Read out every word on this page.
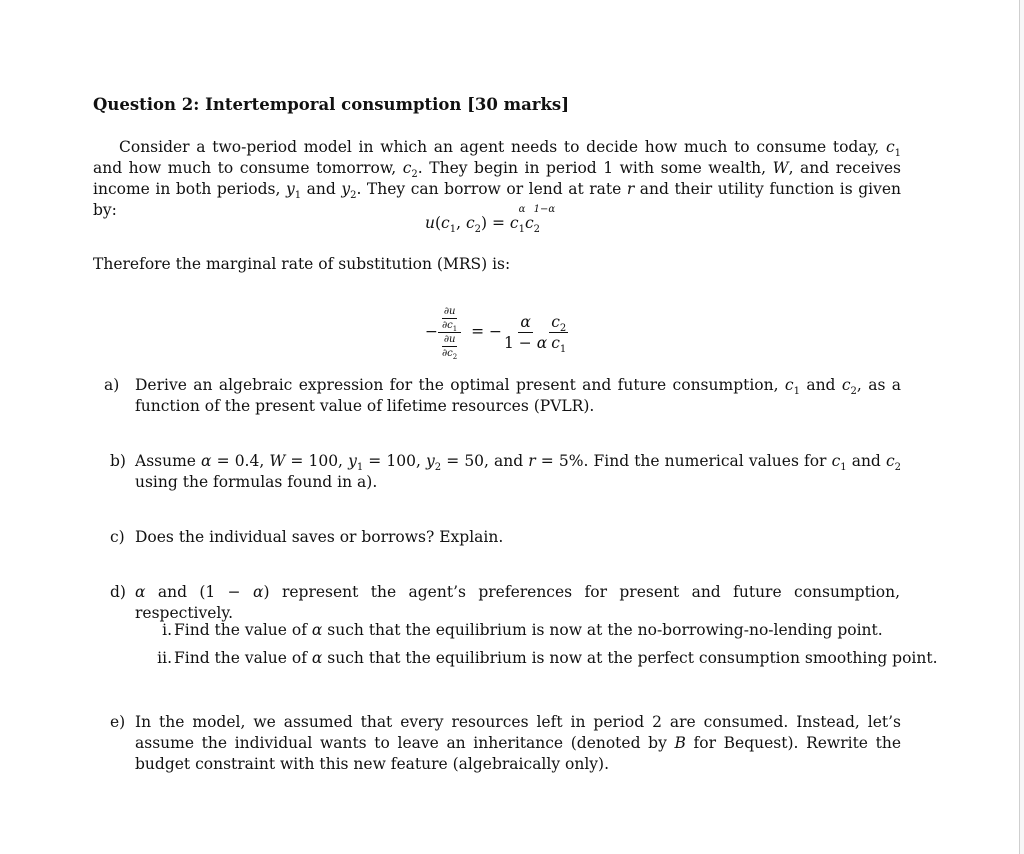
Question 2: Intertemporal consumption [30 marks]
Consider a two-period model in which an agent needs to decide how much to consume today, $c_1$ and how much to consume tomorrow, $c_2$. They begin in period 1 with some wealth, W, and receives income in both periods, $y_1$ and $y_2$. They can borrow or lend at rate r and their utility function is given by:
$u(c_1$, $c_2) = c$
$_{\alpha 1}$c
$_{1-\alpha 2}$
Therefore the marginal rate of substitution (MRS) is:
− $\frac{\frac{\partial u}{\partial c_1}}{\frac{\partial u}{\partial c_2}}$ = − $\frac{\alpha}{1 - \alpha} \frac{c_2}{c_1}$
a) Derive an algebraic expression for the optimal present and future consumption, $c_1$ and $c_2$, as a function of the present value of lifetime resources (PVLR).
b) Assume α = 0.4, W = 100, $y_1 = 100$, $y_2 = 50$, and r = 5%. Find the numerical values for $c_1$ and $c_2$ using the formulas found in a).
c) Does the individual saves or borrows? Explain.
d) α and (1 − α) represent the agent’s preferences for present and future consumption, respectively.
i. Find the value of α such that the equilibrium is now at the no-borrowing-no-lending point.
ii. Find the value of α such that the equilibrium is now at the perfect consumption smoothing point.
e) In the model, we assumed that every resources left in period 2 are consumed. Instead, let’s assume the individual wants to leave an inheritance (denoted by B for Bequest). Rewrite the budget constraint with this new feature (algebraically only).
